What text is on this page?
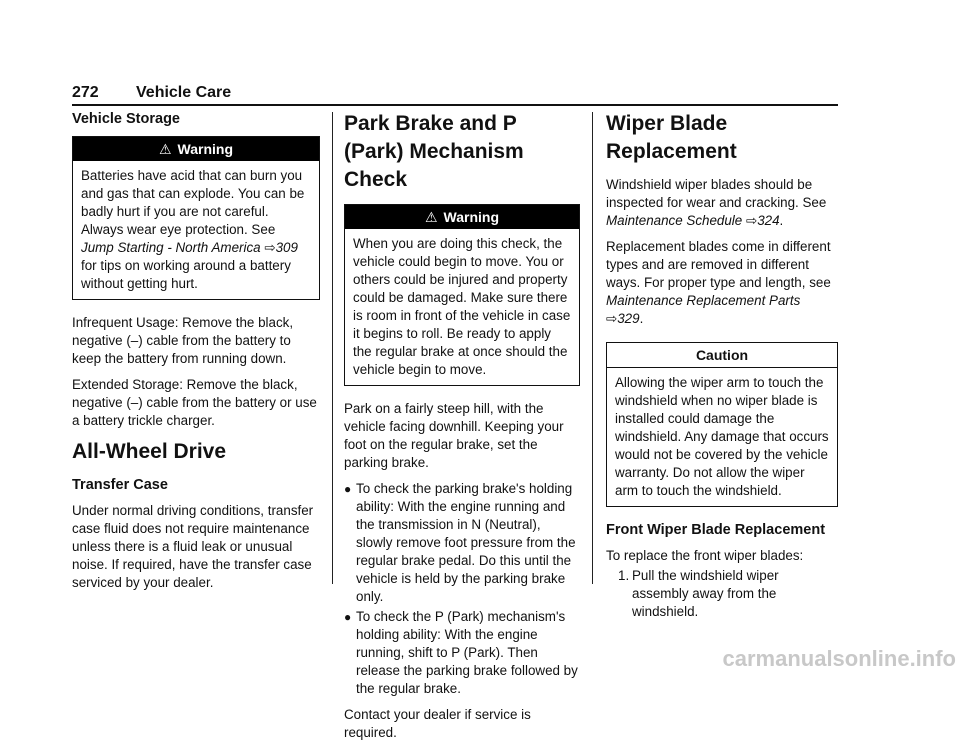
272 Vehicle Care
Vehicle Storage
⚠ Warning
Batteries have acid that can burn you and gas that can explode. You can be badly hurt if you are not careful. Always wear eye protection. See Jump Starting - North America ⇨309 for tips on working around a battery without getting hurt.

Infrequent Usage: Remove the black, negative (–) cable from the battery to keep the battery from running down.

Extended Storage: Remove the black, negative (–) cable from the battery or use a battery trickle charger.

All-Wheel Drive
Transfer Case

Under normal driving conditions, transfer case fluid does not require maintenance unless there is a fluid leak or unusual noise. If required, have the transfer case serviced by your dealer.

Park Brake and P (Park) Mechanism Check
⚠ Warning
When you are doing this check, the vehicle could begin to move. You or others could be injured and property could be damaged. Make sure there is room in front of the vehicle in case it begins to roll. Be ready to apply the regular brake at once should the vehicle begin to move.

Park on a fairly steep hill, with the vehicle facing downhill. Keeping your foot on the regular brake, set the parking brake.

● To check the parking brake's holding ability: With the engine running and the transmission in N (Neutral), slowly remove foot pressure from the regular brake pedal. Do this until the vehicle is held by the parking brake only.
● To check the P (Park) mechanism's holding ability: With the engine running, shift to P (Park). Then release the parking brake followed by the regular brake.

Contact your dealer if service is required.

Wiper Blade Replacement

Windshield wiper blades should be inspected for wear and cracking. See Maintenance Schedule ⇨324.

Replacement blades come in different types and are removed in different ways. For proper type and length, see Maintenance Replacement Parts ⇨329.

Caution
Allowing the wiper arm to touch the windshield when no wiper blade is installed could damage the windshield. Any damage that occurs would not be covered by the vehicle warranty. Do not allow the wiper arm to touch the windshield.
Front Wiper Blade Replacement

To replace the front wiper blades:

1. Pull the windshield wiper assembly away from the windshield.
carmanualsonline.info
